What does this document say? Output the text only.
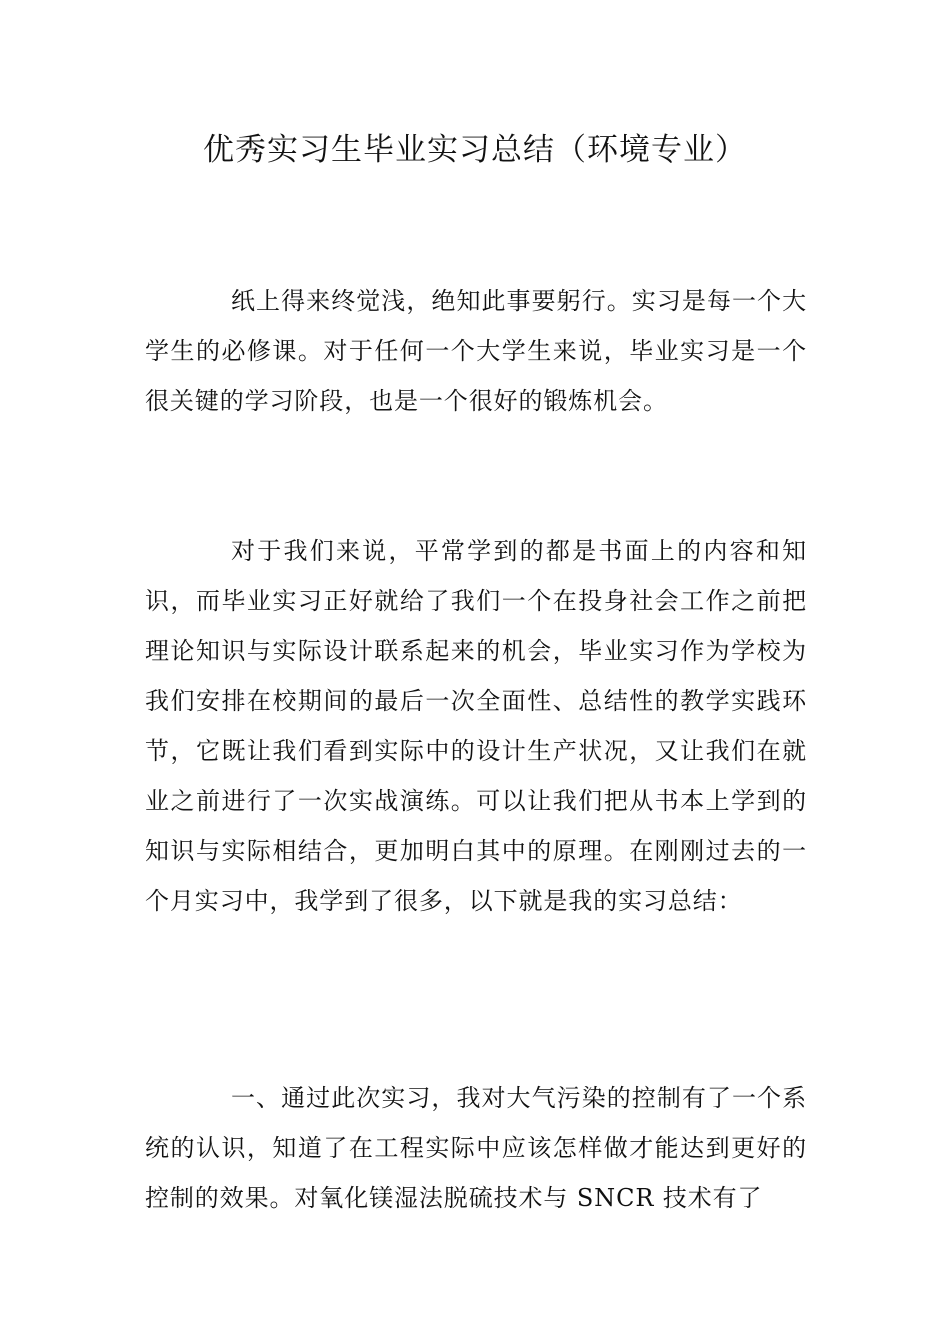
优秀实习生毕业实习总结（环境专业）

纸上得来终觉浅，绝知此事要躬行。实习是每一个大学生的必修课。对于任何一个大学生来说，毕业实习是一个很关键的学习阶段，也是一个很好的锻炼机会。

对于我们来说，平常学到的都是书面上的内容和知识，而毕业实习正好就给了我们一个在投身社会工作之前把理论知识与实际设计联系起来的机会，毕业实习作为学校为我们安排在校期间的最后一次全面性、总结性的教学实践环节，它既让我们看到实际中的设计生产状况，又让我们在就业之前进行了一次实战演练。可以让我们把从书本上学到的知识与实际相结合，更加明白其中的原理。在刚刚过去的一个月实习中，我学到了很多，以下就是我的实习总结：

一、通过此次实习，我对大气污染的控制有了一个系统的认识，知道了在工程实际中应该怎样做才能达到更好的控制的效果。对氧化镁湿法脱硫技术与 SNCR 技术有了
